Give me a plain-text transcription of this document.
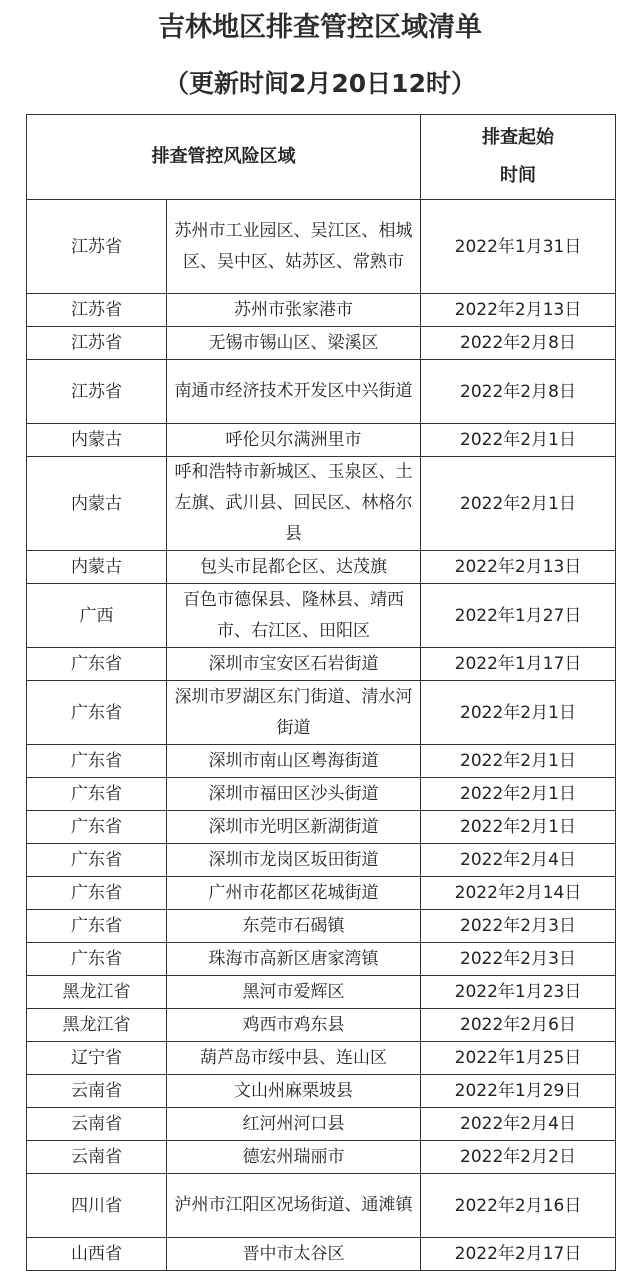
吉林地区排查管控区域清单
（更新时间2月20日12时）
排查管控风险区域		排查起始
时间
江苏省	苏州市工业园区、吴江区、相城区、吴中区、姑苏区、常熟市	2022年1月31日
江苏省	苏州市张家港市	2022年2月13日
江苏省	无锡市锡山区、梁溪区	2022年2月8日
江苏省	南通市经济技术开发区中兴街道	2022年2月8日
内蒙古	呼伦贝尔满洲里市	2022年2月1日
内蒙古	呼和浩特市新城区、玉泉区、土左旗、武川县、回民区、林格尔县	2022年2月1日
内蒙古	包头市昆都仑区、达茂旗	2022年2月13日
广西	百色市德保县、隆林县、靖西市、右江区、田阳区	2022年1月27日
广东省	深圳市宝安区石岩街道	2022年1月17日
广东省	深圳市罗湖区东门街道、清水河街道	2022年2月1日
广东省	深圳市南山区粤海街道	2022年2月1日
广东省	深圳市福田区沙头街道	2022年2月1日
广东省	深圳市光明区新湖街道	2022年2月1日
广东省	深圳市龙岗区坂田街道	2022年2月4日
广东省	广州市花都区花城街道	2022年2月14日
广东省	东莞市石碣镇	2022年2月3日
广东省	珠海市高新区唐家湾镇	2022年2月3日
黑龙江省	黑河市爱辉区	2022年1月23日
黑龙江省	鸡西市鸡东县	2022年2月6日
辽宁省	葫芦岛市绥中县、连山区	2022年1月25日
云南省	文山州麻栗坡县	2022年1月29日
云南省	红河州河口县	2022年2月4日
云南省	德宏州瑞丽市	2022年2月2日
四川省	泸州市江阳区况场街道、通滩镇	2022年2月16日
山西省	晋中市太谷区	2022年2月17日
